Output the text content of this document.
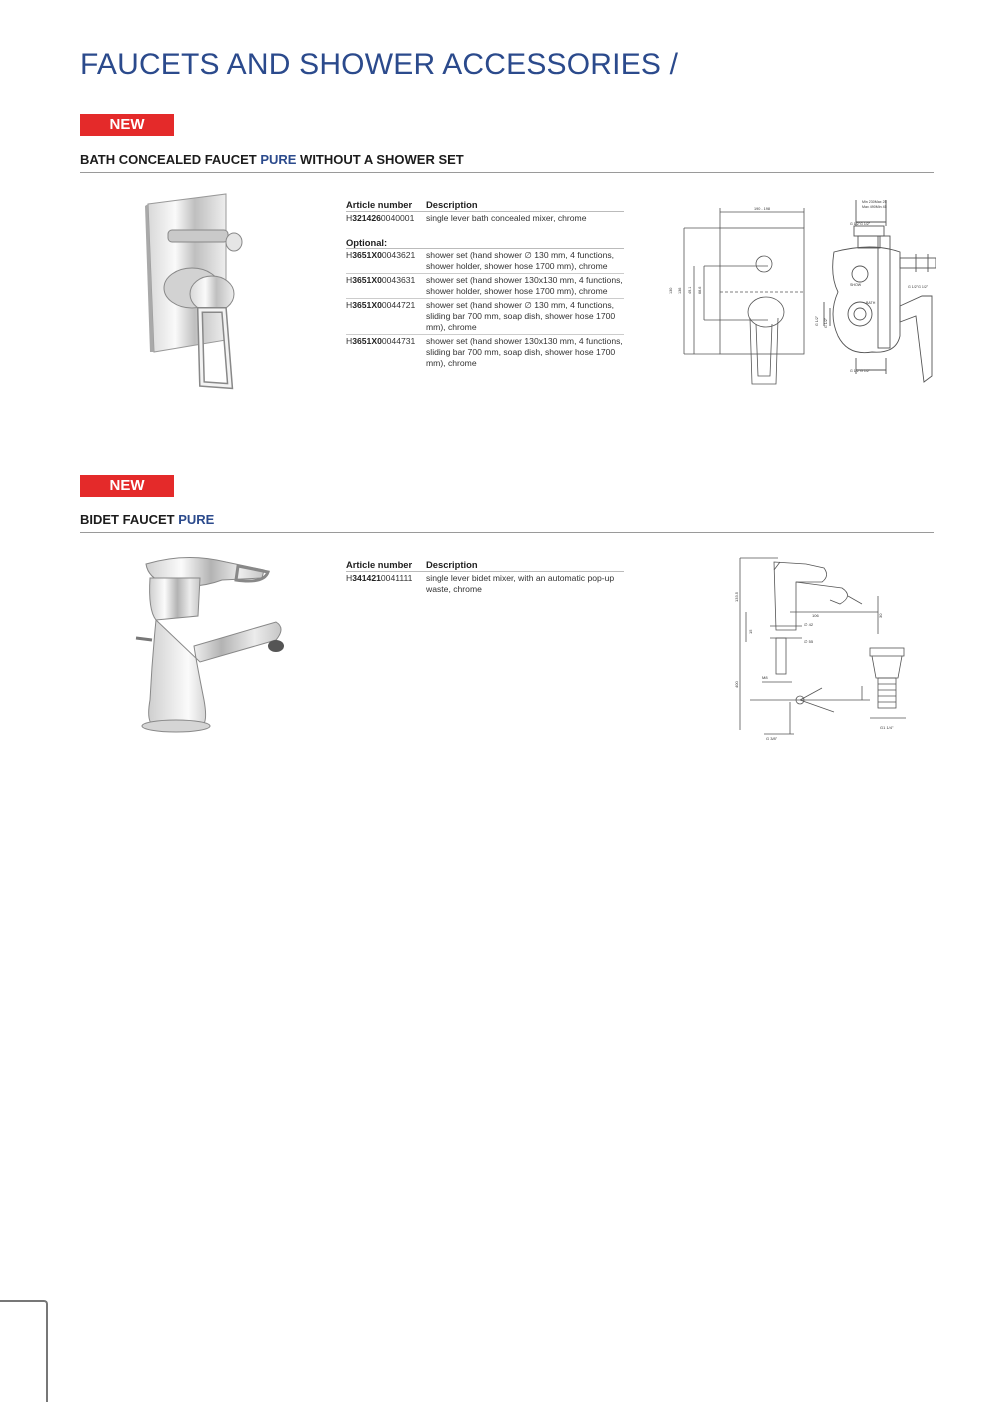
FAUCETS AND SHOWER ACCESSORIES /
NEW
BATH CONCEALED FAUCET PURE WITHOUT A SHOWER SET
Article number	Description
H3214260040001	single lever bath concealed mixer, chrome
Optional:
H3651X00043621	shower set (hand shower ∅ 130 mm, 4 functions, shower holder, shower hose 1700 mm), chrome
H3651X00043631	shower set (hand shower 130x130 mm, 4 functions, shower holder, shower hose 1700 mm), chrome
H3651X00044721	shower set (hand shower ∅ 130 mm, 4 functions, sliding bar 700 mm, soap dish, shower hose 1700 mm), chrome
H3651X00044731	shower set (hand shower 130x130 mm, 4 functions, sliding bar 700 mm, soap dish, shower hose 1700 mm), chrome
190 - 198
130 136 49.1 68.6
Min 230Max 25
Max 490Min 45
G 1/2"G 1/2"
SHOW
BATH
G 1/2" G 1/2"
G 1/2"G 1/2"
G 1/2"G 1/2"
NEW
BIDET FAUCET PURE
Article number	Description
H3414210041111	single lever bidet mixer, with an automatic pop-up waste, chrome
133.5
106
∅ 42
∅ 55
15
400
M8
G 3/8"
G1 1/4"
30
